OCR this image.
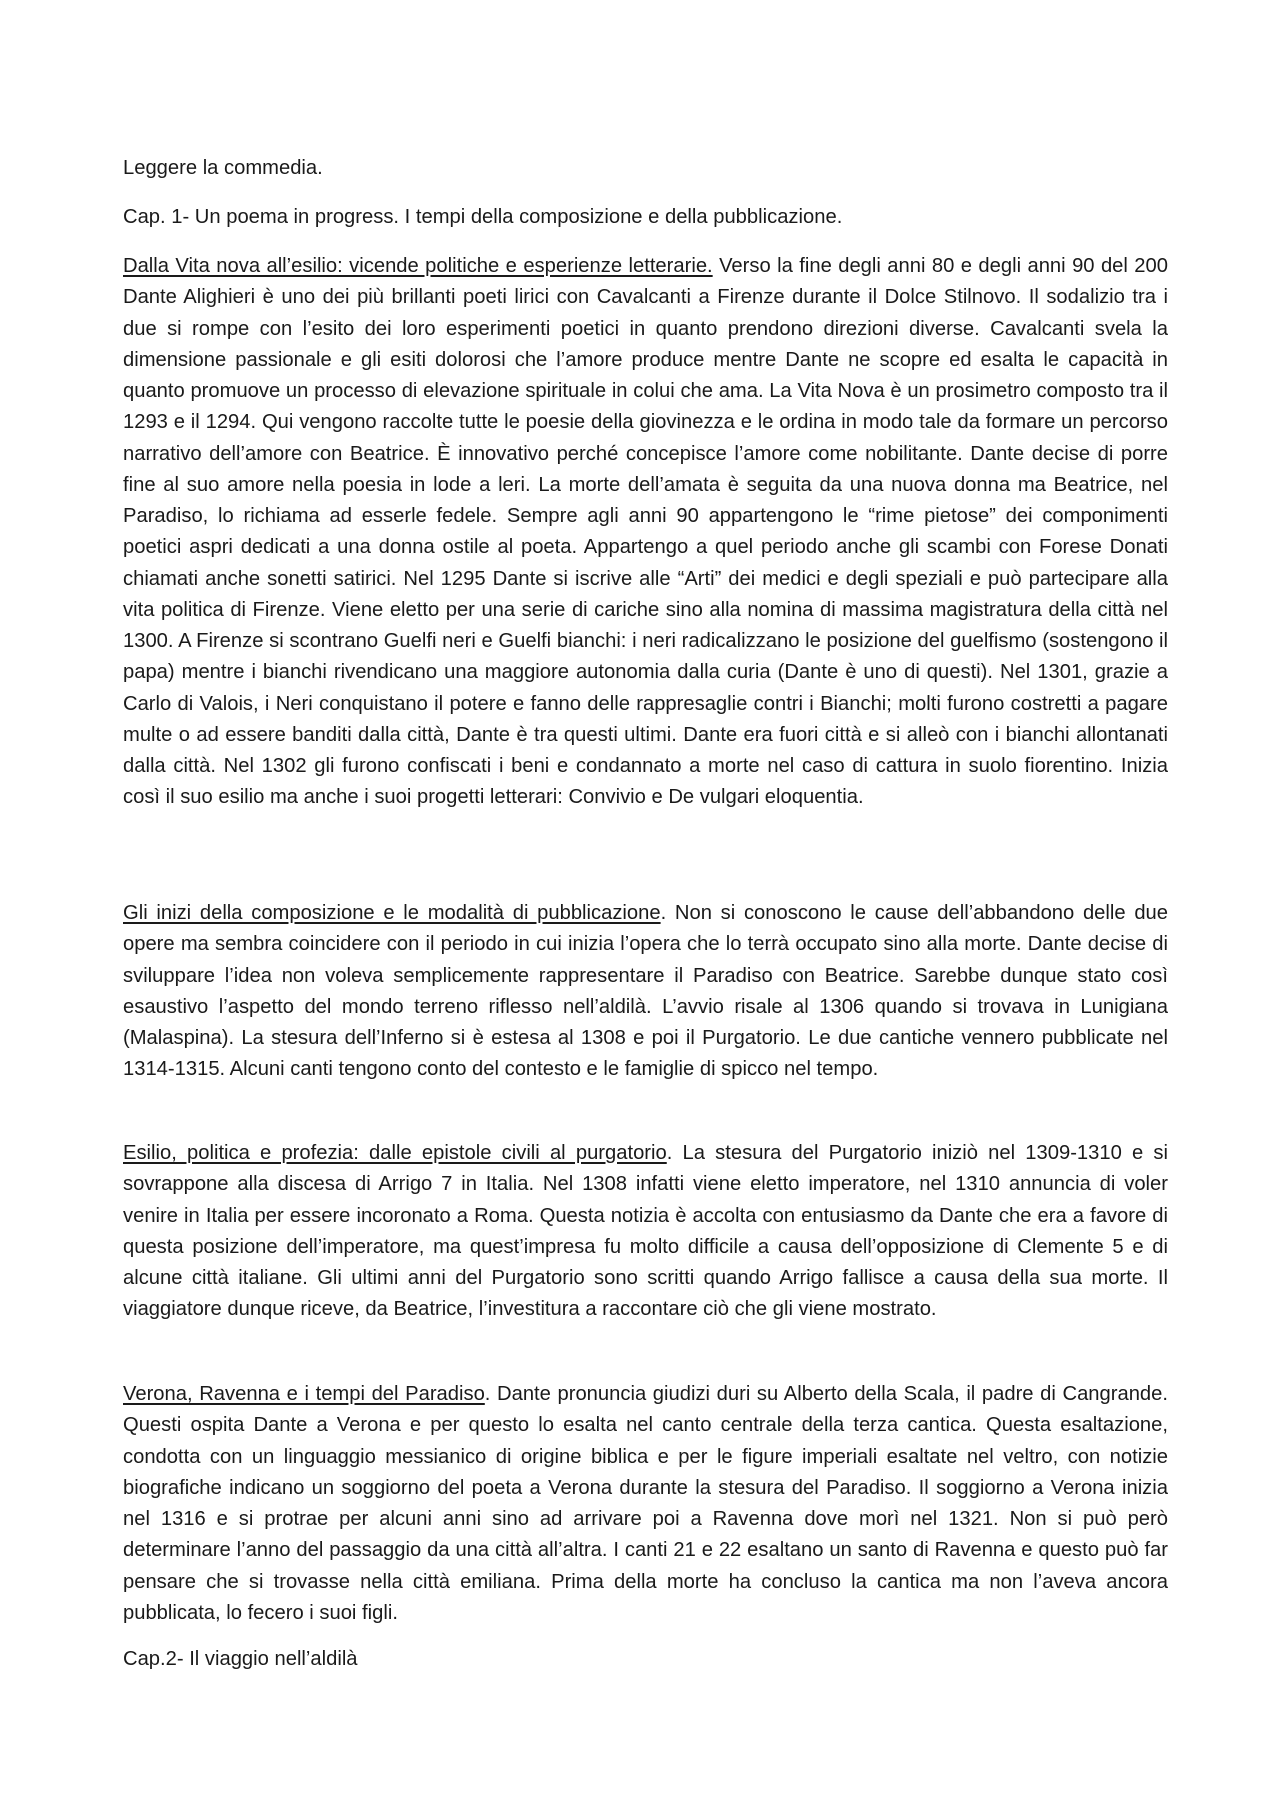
Leggere la commedia.

Cap. 1- Un poema in progress. I tempi della composizione e della pubblicazione.

Dalla Vita nova all’esilio: vicende politiche e esperienze letterarie. Verso la fine degli anni 80 e degli anni 90 del 200 Dante Alighieri è uno dei più brillanti poeti lirici con Cavalcanti a Firenze durante il Dolce Stilnovo. Il sodalizio tra i due si rompe con l’esito dei loro esperimenti poetici in quanto prendono direzioni diverse. Cavalcanti svela la dimensione passionale e gli esiti dolorosi che l’amore produce mentre Dante ne scopre ed esalta le capacità in quanto promuove un processo di elevazione spirituale in colui che ama. La Vita Nova è un prosimetro composto tra il 1293 e il 1294. Qui vengono raccolte tutte le poesie della giovinezza e le ordina in modo tale da formare un percorso narrativo dell’amore con Beatrice. È innovativo perché concepisce l’amore come nobilitante. Dante decise di porre fine al suo amore nella poesia in lode a leri. La morte dell’amata è seguita da una nuova donna ma Beatrice, nel Paradiso, lo richiama ad esserle fedele. Sempre agli anni 90 appartengono le “rime pietose” dei componimenti poetici aspri dedicati a una donna ostile al poeta. Appartengo a quel periodo anche gli scambi con Forese Donati chiamati anche sonetti satirici. Nel 1295 Dante si iscrive alle “Arti” dei medici e degli speziali e può partecipare alla vita politica di Firenze. Viene eletto per una serie di cariche sino alla nomina di massima magistratura della città nel 1300. A Firenze si scontrano Guelfi neri e Guelfi bianchi: i neri radicalizzano le posizione del guelfismo (sostengono il papa) mentre i bianchi rivendicano una maggiore autonomia dalla curia (Dante è uno di questi). Nel 1301, grazie a Carlo di Valois, i Neri conquistano il potere e fanno delle rappresaglie contri i Bianchi; molti furono costretti a pagare multe o ad essere banditi dalla città, Dante è tra questi ultimi. Dante era fuori città e si alleò con i bianchi allontanati dalla città. Nel 1302 gli furono confiscati i beni e condannato a morte nel caso di cattura in suolo fiorentino. Inizia così il suo esilio ma anche i suoi progetti letterari: Convivio e De vulgari eloquentia.

Gli inizi della composizione e le modalità di pubblicazione. Non si conoscono le cause dell’abbandono delle due opere ma sembra coincidere con il periodo in cui inizia l’opera che lo terrà occupato sino alla morte. Dante decise di sviluppare l’idea non voleva semplicemente rappresentare il Paradiso con Beatrice. Sarebbe dunque stato così esaustivo l’aspetto del mondo terreno riflesso nell’aldilà. L’avvio risale al 1306 quando si trovava in Lunigiana (Malaspina). La stesura dell’Inferno si è estesa al 1308 e poi il Purgatorio. Le due cantiche vennero pubblicate nel 1314-1315. Alcuni canti tengono conto del contesto e le famiglie di spicco nel tempo.

Esilio, politica e profezia: dalle epistole civili al purgatorio. La stesura del Purgatorio iniziò nel 1309-1310 e si sovrappone alla discesa di Arrigo 7 in Italia. Nel 1308 infatti viene eletto imperatore, nel 1310 annuncia di voler venire in Italia per essere incoronato a Roma. Questa notizia è accolta con entusiasmo da Dante che era a favore di questa posizione dell’imperatore, ma quest’impresa fu molto difficile a causa dell’opposizione di Clemente 5 e di alcune città italiane. Gli ultimi anni del Purgatorio sono scritti quando Arrigo fallisce a causa della sua morte. Il viaggiatore dunque riceve, da Beatrice, l’investitura a raccontare ciò che gli viene mostrato.

Verona, Ravenna e i tempi del Paradiso. Dante pronuncia giudizi duri su Alberto della Scala, il padre di Cangrande. Questi ospita Dante a Verona e per questo lo esalta nel canto centrale della terza cantica. Questa esaltazione, condotta con un linguaggio messianico di origine biblica e per le figure imperiali esaltate nel veltro, con notizie biografiche indicano un soggiorno del poeta a Verona durante la stesura del Paradiso. Il soggiorno a Verona inizia nel 1316 e si protrae per alcuni anni sino ad arrivare poi a Ravenna dove morì nel 1321. Non si può però determinare l’anno del passaggio da una città all’altra. I canti 21 e 22 esaltano un santo di Ravenna e questo può far pensare che si trovasse nella città emiliana. Prima della morte ha concluso la cantica ma non l’aveva ancora pubblicata, lo fecero i suoi figli.

Cap.2- Il viaggio nell’aldilà
